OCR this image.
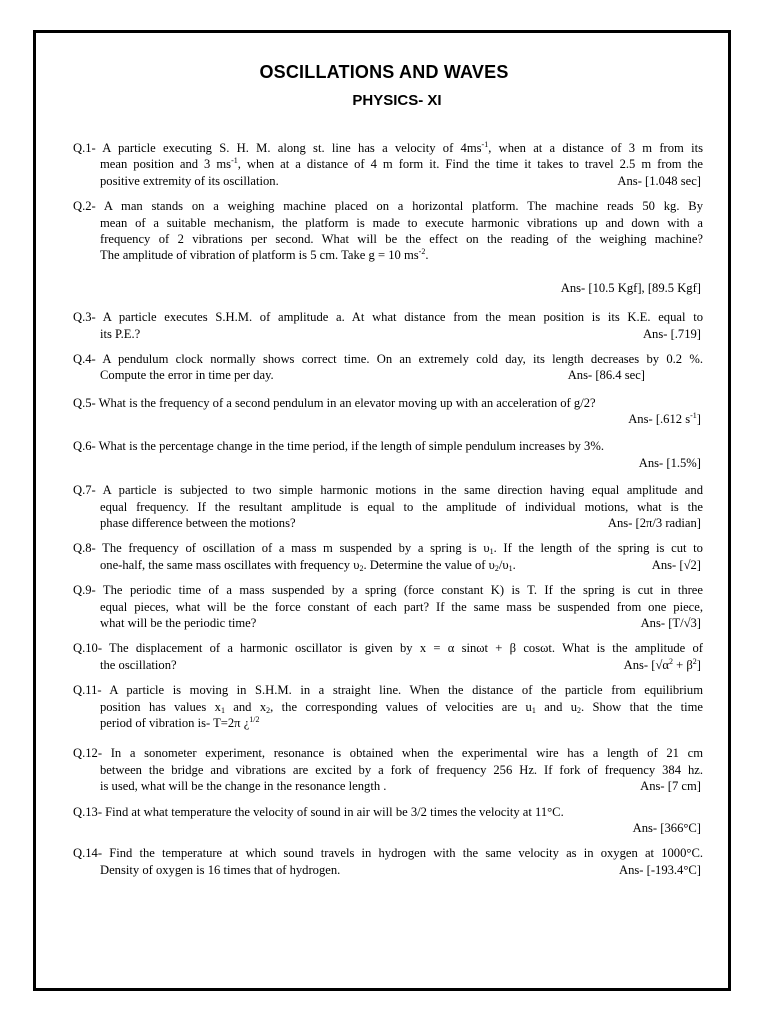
OSCILLATIONS AND WAVES
PHYSICS- XI
Q.1- A particle executing S. H. M. along st. line has a velocity of $4ms^{-1}$, when at a distance of 3 m from its
mean position and 3 $ms^{-1}$, when at a distance of 4 m form it. Find the time it takes to travel 2.5 m from the
positive extremity of its oscillation.	Ans- [1.048 sec]
Q.2- A man stands on a weighing machine placed on a horizontal platform. The machine reads 50 kg. By
mean of a suitable mechanism, the platform is made to execute harmonic vibrations up and down with a
frequency of 2 vibrations per second. What will be the effect on the reading of the weighing machine?
The amplitude of vibration of platform is 5 cm. Take g = 10 $ms^{-2}$.
Ans- [10.5 Kgf], [89.5 Kgf]
Q.3- A particle executes S.H.M. of amplitude a. At what distance from the mean position is its K.E. equal to
its P.E.?	Ans- [.719]
Q.4- A pendulum clock normally shows correct time. On an extremely cold day, its length decreases by 0.2 %.
Compute the error in time per day.	Ans- [86.4 sec]
Q.5- What is the frequency of a second pendulum in an elevator moving up with an acceleration of g/2?
Ans- [.612 $s^{-1}$]
Q.6- What is the percentage change in the time period, if the length of simple pendulum increases by 3%.
Ans- [1.5%]
Q.7- A particle is subjected to two simple harmonic motions in the same direction having equal amplitude and
equal frequency. If the resultant amplitude is equal to the amplitude of individual motions, what is the
phase difference between the motions?	Ans- [2π/3 radian]
Q.8- The frequency of oscillation of a mass m suspended by a spring is $\upsilon_1$. If the length of the spring is cut to
one-half, the same mass oscillates with frequency $\upsilon_2$. Determine the value of $\upsilon_2/\upsilon_1$.	Ans- [√2]
Q.9- The periodic time of a mass suspended by a spring (force constant K) is T. If the spring is cut in three
equal pieces, what will be the force constant of each part? If the same mass be suspended from one piece,
what will be the periodic time?	Ans- [T/√3]
Q.10- The displacement of a harmonic oscillator is given by x = α sinωt + β cosωt. What is the amplitude of
the oscillation?	Ans- $[√\alpha^2 + \beta^2]$
Q.11- A particle is moving in S.H.M. in a straight line. When the distance of the particle from equilibrium
position has values $x_1$ and $x_2$, the corresponding values of velocities are $u_1$ and $u_2$. Show that the time
period of vibration is- T=2π ¿$^{1/2}$
Q.12- In a sonometer experiment, resonance is obtained when the experimental wire has a length of 21 cm
between the bridge and vibrations are excited by a fork of frequency 256 Hz. If fork of frequency 384 hz.
is used, what will be the change in the resonance length .	Ans- [7 cm]
Q.13- Find at what temperature the velocity of sound in air will be 3/2 times the velocity at 11°C.
Ans- [366°C]
Q.14- Find the temperature at which sound travels in hydrogen with the same velocity as in oxygen at 1000°C.
Density of oxygen is 16 times that of hydrogen.	Ans- [-193.4°C]
